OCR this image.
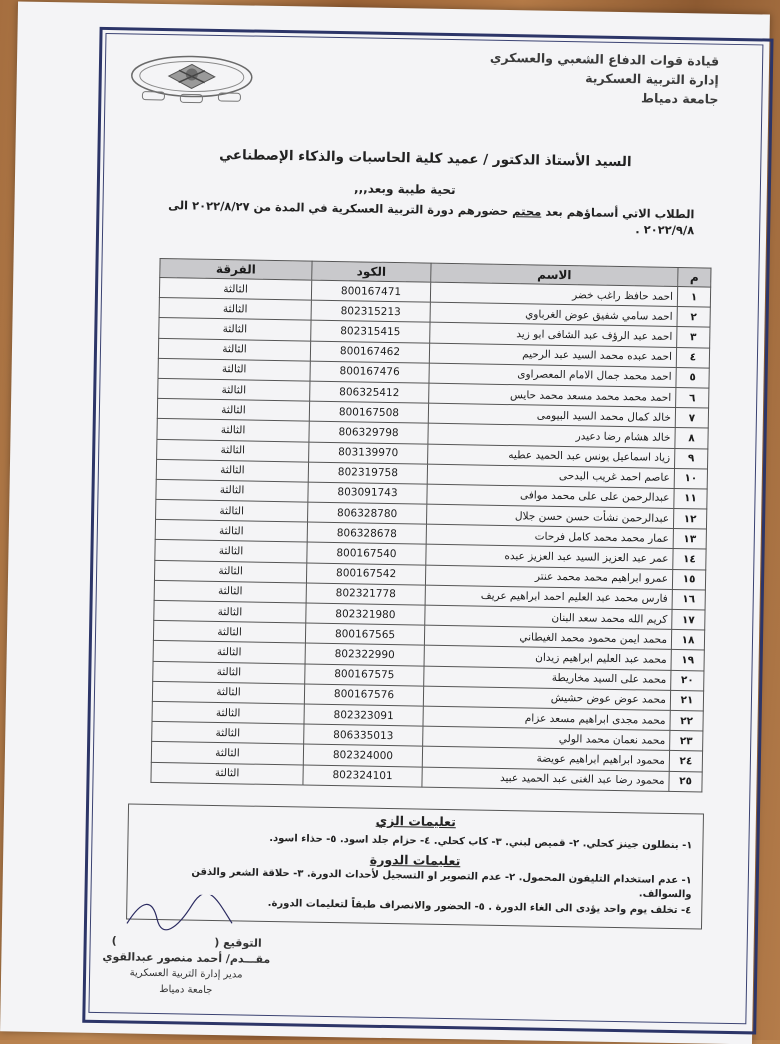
قيادة قوات الدفاع الشعبي والعسكري
إدارة التربية العسكرية
جامعة دمياط
السيد الأستاذ الدكتور / عميد كلية الحاسبات والذكاء الإصطناعي
تحية طيبة وبعد,,,
الطلاب الاتي أسماؤهم بعد محتم حضورهم دورة التربية العسكرية في المدة من ٢٠٢٢/٨/٢٧ الى ٢٠٢٢/٩/٨ .
م	الاسم	الكود	الفرقة
١	احمد حافظ راغب خضر	800167471	الثالثة
٢	احمد سامي شفيق عوض الغرباوي	802315213	الثالثة
٣	احمد عبد الرؤف عبد الشافى ابو زيد	802315415	الثالثة
٤	احمد عبده محمد السيد عبد الرحيم	800167462	الثالثة
٥	احمد محمد جمال الامام المعصراوى	800167476	الثالثة
٦	احمد محمد محمد مسعد محمد حايس	806325412	الثالثة
٧	خالد كمال محمد السيد البيومى	800167508	الثالثة
٨	خالد هشام رضا دعيدر	806329798	الثالثة
٩	زياد اسماعيل يونس عبد الحميد عطيه	803139970	الثالثة
١٠	عاصم احمد غريب البدحى	802319758	الثالثة
١١	عبدالرحمن على على محمد موافى	803091743	الثالثة
١٢	عبدالرحمن نشأت حسن حسن جلال	806328780	الثالثة
١٣	عمار محمد محمد كامل فرحات	806328678	الثالثة
١٤	عمر عبد العزيز السيد عبد العزيز عبده	800167540	الثالثة
١٥	عمرو ابراهيم محمد محمد عنتر	800167542	الثالثة
١٦	فارس محمد عبد العليم احمد ابراهيم عريف	802321778	الثالثة
١٧	كريم الله محمد سعد البنان	802321980	الثالثة
١٨	محمد ايمن محمود محمد الغيطاني	800167565	الثالثة
١٩	محمد عبد العليم ابراهيم زيدان	802322990	الثالثة
٢٠	محمد على السيد مخاريطة	800167575	الثالثة
٢١	محمد عوض عوض حشيش	800167576	الثالثة
٢٢	محمد مجدى ابراهيم مسعد عزام	802323091	الثالثة
٢٣	محمد نعمان محمد الولي	806335013	الثالثة
٢٤	محمود ابراهيم ابراهيم عويضة	802324000	الثالثة
٢٥	محمود رضا عبد الغنى عبد الحميد عبيد	802324101	الثالثة
تعليمات الزي

١- بنطلون جينز كحلي. ٢- قميص لبني. ٣- كاب كحلي. ٤- حزام جلد اسود. ٥- حذاء اسود.

تعليمات الدورة

١- عدم استخدام التليفون المحمول. ٢- عدم التصوير او التسجيل لأحداث الدورة. ٣- حلاقة الشعر والذقن والسوالف.

٤- تخلف يوم واحد يؤدى الى الغاء الدورة . ٥- الحضور والانصراف طبقاً لتعليمات الدورة.

التوقيع (  )
مقـــدم/ أحمد منصور عبدالقوي
مدير إدارة التربية العسكرية
جامعة دمياط
